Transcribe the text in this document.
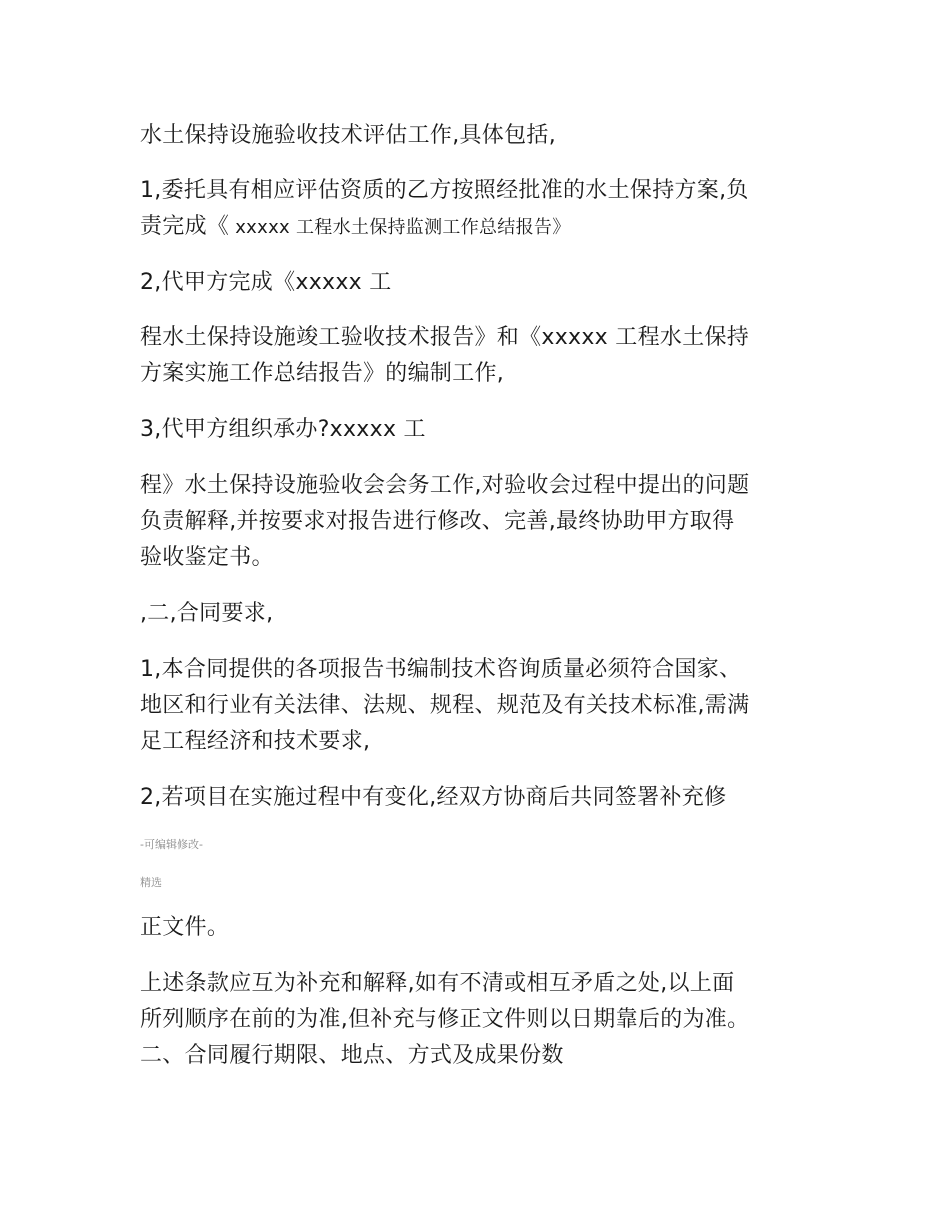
水土保持设施验收技术评估工作,具体包括,
1,委托具有相应评估资质的乙方按照经批准的水土保持方案,负
责完成《 xxxxx 工程水土保持监测工作总结报告》
2,代甲方完成《xxxxx 工
程水土保持设施竣工验收技术报告》和《xxxxx 工程水土保持
方案实施工作总结报告》的编制工作,
3,代甲方组织承办?xxxxx 工
程》水土保持设施验收会会务工作,对验收会过程中提出的问题
负责解释,并按要求对报告进行修改、完善,最终协助甲方取得
验收鉴定书。
,二,合同要求,
1,本合同提供的各项报告书编制技术咨询质量必须符合国家、
地区和行业有关法律、法规、规程、规范及有关技术标准,需满
足工程经济和技术要求,
2,若项目在实施过程中有变化,经双方协商后共同签署补充修
-可编辑修改-
精选
正文件。
上述条款应互为补充和解释,如有不清或相互矛盾之处,以上面
所列顺序在前的为准,但补充与修正文件则以日期靠后的为准。
二、合同履行期限、地点、方式及成果份数
